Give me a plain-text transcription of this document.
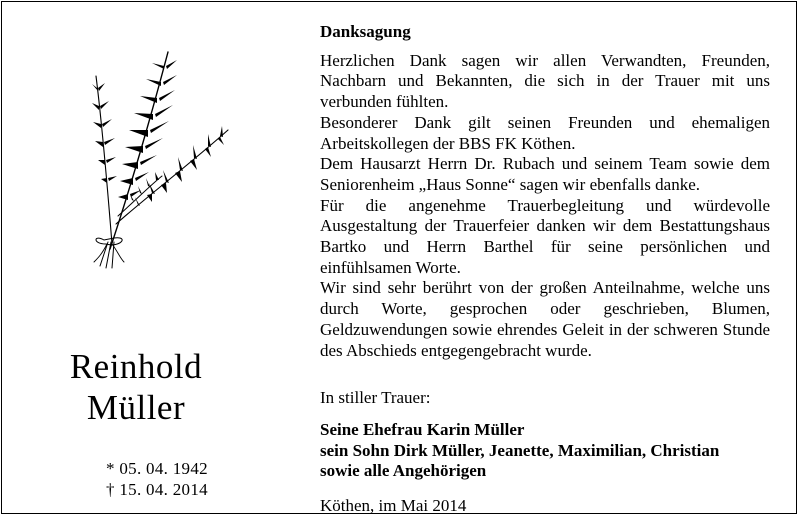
Reinhold
Müller
* 05. 04. 1942
† 15. 04. 2014
Danksagung
Herzlichen Dank sagen wir allen Verwandten, Freunden, Nachbarn und Bekannten, die sich in der Trauer mit uns verbunden fühlten.
Besonderer Dank gilt seinen Freunden und ehemaligen Arbeitskollegen der BBS FK Köthen.
Dem Hausarzt Herrn Dr. Rubach und seinem Team sowie dem Seniorenheim „Haus Sonne“ sagen wir ebenfalls danke.
Für die angenehme Trauerbegleitung und würdevolle Ausgestaltung der Trauerfeier danken wir dem Bestattungshaus Bartko und Herrn Barthel für seine persönlichen und einfühlsamen Worte.
Wir sind sehr berührt von der großen Anteilnahme, welche uns durch Worte, gesprochen oder geschrieben, Blumen, Geldzuwendungen sowie ehrendes Geleit in der schweren Stunde des Abschieds entgegengebracht wurde.
In stiller Trauer:
Seine Ehefrau Karin Müller
sein Sohn Dirk Müller, Jeanette, Maximilian, Christian
sowie alle Angehörigen
Köthen, im Mai 2014
